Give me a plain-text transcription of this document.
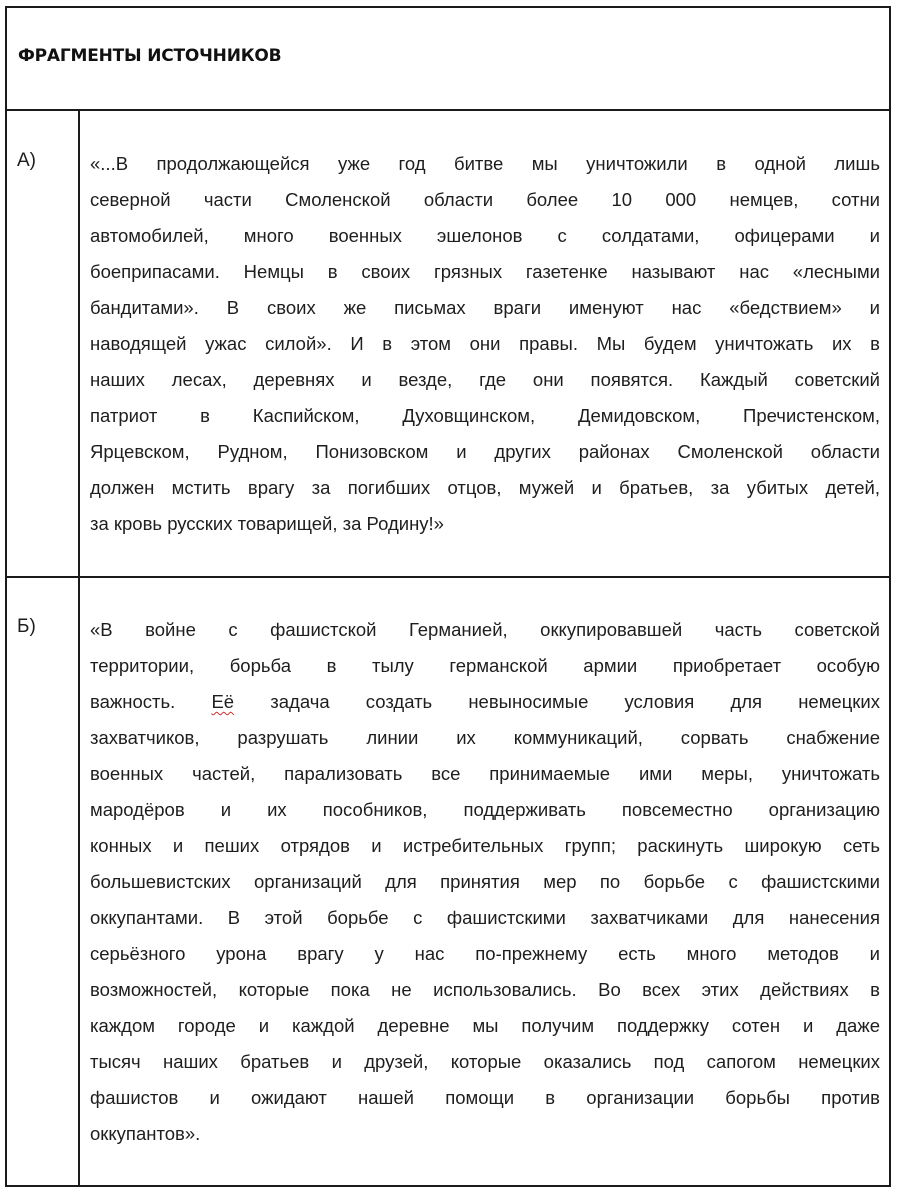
ФРАГМЕНТЫ ИСТОЧНИКОВ
А)	«...В продолжающейся уже год битве мы уничтожили в одной лишь
северной части Смоленской области более 10 000 немцев, сотни
автомобилей, много военных эшелонов с солдатами, офицерами и
боеприпасами. Немцы в своих грязных газетенке называют нас «лесными
бандитами». В своих же письмах враги именуют нас «бедствием» и
наводящей ужас силой». И в этом они правы. Мы будем уничтожать их в
наших лесах, деревнях и везде, где они появятся. Каждый советский
патриот в Каспийском, Духовщинском, Демидовском, Пречистенском,
Ярцевском, Рудном, Понизовском и других районах Смоленской области
должен мстить врагу за погибших отцов, мужей и братьев, за убитых детей,
за кровь русских товарищей, за Родину!»
Б)	«В войне с фашистской Германией, оккупировавшей часть советской
территории, борьба в тылу германской армии приобретает особую
важность. Её задача создать невыносимые условия для немецких
захватчиков, разрушать линии их коммуникаций, сорвать снабжение
военных частей, парализовать все принимаемые ими меры, уничтожать
мародёров и их пособников, поддерживать повсеместно организацию
конных и пеших отрядов и истребительных групп; раскинуть широкую сеть
большевистских организаций для принятия мер по борьбе с фашистскими
оккупантами. В этой борьбе с фашистскими захватчиками для нанесения
серьёзного урона врагу у нас по-прежнему есть много методов и
возможностей, которые пока не использовались. Во всех этих действиях в
каждом городе и каждой деревне мы получим поддержку сотен и даже
тысяч наших братьев и друзей, которые оказались под сапогом немецких
фашистов и ожидают нашей помощи в организации борьбы против
оккупантов».
